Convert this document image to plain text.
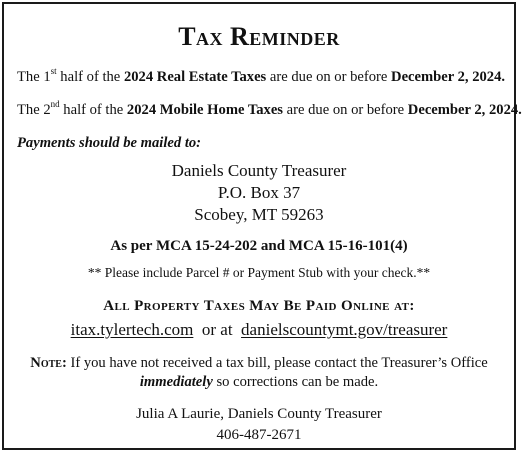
Tax Reminder
The 1st half of the 2024 Real Estate Taxes are due on or before December 2, 2024.
The 2nd half of the 2024 Mobile Home Taxes are due on or before December 2, 2024.
Payments should be mailed to:
Daniels County Treasurer
P.O. Box 37
Scobey, MT 59263
As per MCA 15-24-202 and MCA 15-16-101(4)
** Please include Parcel # or Payment Stub with your check.**
All Property Taxes May Be Paid Online at:
itax.tylertech.com  or at  danielscountymt.gov/treasurer
Note: If you have not received a tax bill, please contact the Treasurer’s Office
immediately so corrections can be made.
Julia A Laurie, Daniels County Treasurer
406-487-2671
